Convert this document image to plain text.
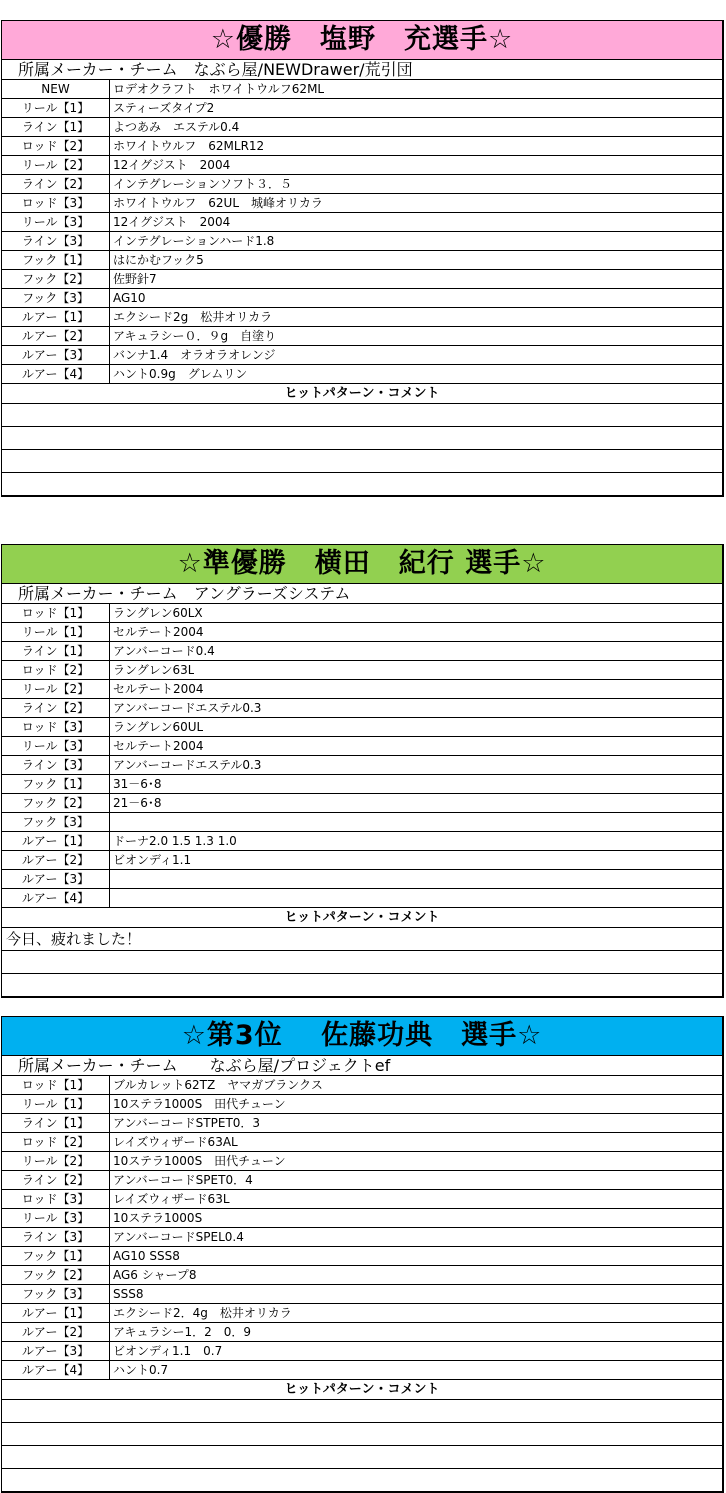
☆優勝　塩野　充選手☆
所属メーカー・チーム　なぶら屋/NEWDrawer/荒引団
NEW	ロデオクラフト　ホワイトウルフ62ML
リール【1】	スティーズタイプ2
ライン【1】	よつあみ　エステル0.4
ロッド【2】	ホワイトウルフ　62MLR12
リール【2】	12イグジスト　2004
ライン【2】	インテグレーションソフト３．５
ロッド【3】	ホワイトウルフ　62UL　城峰オリカラ
リール【3】	12イグジスト　2004
ライン【3】	インテグレーションハード1.8
フック【1】	はにかむフック5
フック【2】	佐野針7
フック【3】	AG10
ルアー【1】	エクシード2g　松井オリカラ
ルアー【2】	アキュラシー０．９g　自塗り
ルアー【3】	バンナ1.4　オラオラオレンジ
ルアー【4】	ハント0.9g　グレムリン
ヒットパターン・コメント
☆準優勝　横田　紀行 選手☆
所属メーカー・チーム　アングラーズシステム
ロッド【1】	ラングレン60LX
リール【1】	セルテート2004
ライン【1】	アンバーコード0.4
ロッド【2】	ラングレン63L
リール【2】	セルテート2004
ライン【2】	アンバーコードエステル0.3
ロッド【3】	ラングレン60UL
リール【3】	セルテート2004
ライン【3】	アンバーコードエステル0.3
フック【1】	31－6･8
フック【2】	21－6･8
フック【3】
ルアー【1】	ドーナ2.0 1.5 1.3 1.0
ルアー【2】	ビオンディ1.1
ルアー【3】
ルアー【4】
ヒットパターン・コメント
今日、疲れました！
☆第3位　 佐藤功典　選手☆
所属メーカー・チーム　　なぶら屋/プロジェクトef
ロッド【1】	ブルカレット62TZ　ヤマガブランクス
リール【1】	10ステラ1000S　田代チューン
ライン【1】	アンバーコードSTPET0．3
ロッド【2】	レイズウィザード63AL
リール【2】	10ステラ1000S　田代チューン
ライン【2】	アンバーコードSPET0．4
ロッド【3】	レイズウィザード63L
リール【3】	10ステラ1000S
ライン【3】	アンバーコードSPEL0.4
フック【1】	AG10 SSS8
フック【2】	AG6 シャープ8
フック【3】	SSS8
ルアー【1】	エクシード2．4g　松井オリカラ
ルアー【2】	アキュラシー1．2　0．9
ルアー【3】	ビオンディ1.1　0.7
ルアー【4】	ハント0.7
ヒットパターン・コメント
